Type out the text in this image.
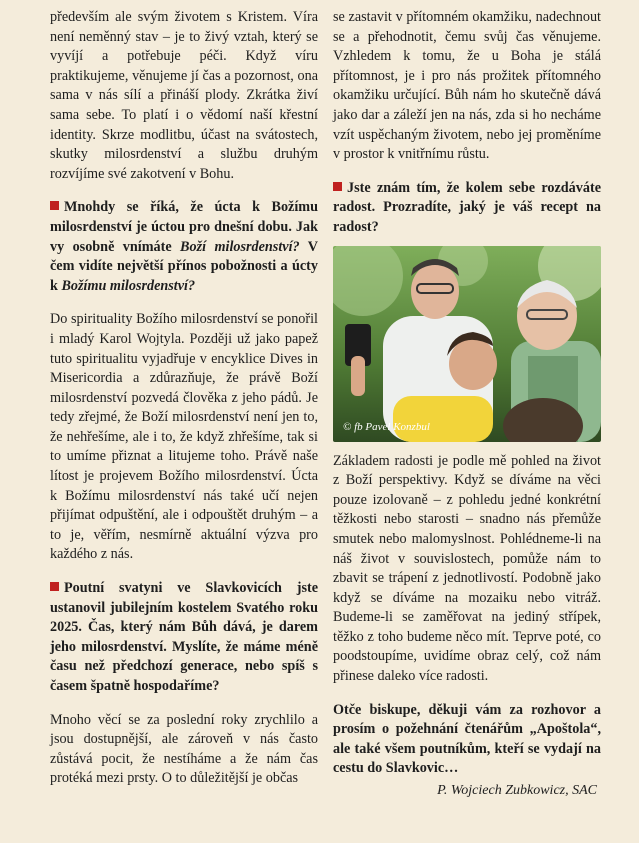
především ale svým životem s Kristem. Víra není neměnný stav – je to živý vztah, který se vyvíjí a potřebuje péči. Když víru praktikujeme, věnujeme jí čas a pozornost, ona sama v nás sílí a přináší plody. Zkrátka živí sama sebe. To platí i o vědomí naší křestní identity. Skrze modlitbu, účast na svátostech, skutky milosrdenství a službu druhým rozvíjíme své zakotvení v Bohu.

Mnohdy se říká, že úcta k Božímu milosrdenství je úctou pro dnešní dobu. Jak vy osobně vnímáte Boží milosrdenství? V čem vidíte největší přínos pobožnosti a úcty k Božímu milosrdenství?

Do spirituality Božího milosrdenství se ponořil i mladý Karol Wojtyla. Později už jako papež tuto spiritualitu vyjadřuje v encyklice Dives in Misericordia a zdůrazňuje, že právě Boží milosrdenství pozvedá člověka z jeho pádů. Je tedy zřejmé, že Boží milosrdenství není jen to, že nehřešíme, ale i to, že když zhřešíme, tak si to umíme přiznat a litujeme toho. Právě naše lítost je projevem Božího milosrdenství. Úcta k Božímu milosrdenství nás také učí nejen přijímat odpuštění, ale i odpouštět druhým – a to je, věřím, nesmírně aktuální výzva pro každého z nás.

Poutní svatyni ve Slavkovicích jste ustanovil jubilejním kostelem Svatého roku 2025. Čas, který nám Bůh dává, je darem jeho milosrdenství. Myslíte, že máme méně času než předchozí generace, nebo spíš s časem špatně hospodaříme?

Mnoho věcí se za poslední roky zrychlilo a jsou dostupnější, ale zároveň v nás často zůstává pocit, že nestíháme a že nám čas protéká mezi prsty. O to důležitější je občas

se zastavit v přítomném okamžiku, nadechnout se a přehodnotit, čemu svůj čas věnujeme. Vzhledem k tomu, že u Boha je stálá přítomnost, je i pro nás prožitek přítomného okamžiku určující. Bůh nám ho skutečně dává jako dar a záleží jen na nás, zda si ho necháme vzít uspěchaným životem, nebo jej proměníme v prostor k vnitřnímu růstu.

Jste znám tím, že kolem sebe rozdáváte radost. Prozradíte, jaký je váš recept na radost?

© fb Pavel Konzbul

Základem radosti je podle mě pohled na život z Boží perspektivy. Když se díváme na věci pouze izolovaně – z pohledu jedné konkrétní těžkosti nebo starosti – snadno nás přemůže smutek nebo malomyslnost. Pohlédneme-li na náš život v souvislostech, pomůže nám to zbavit se trápení z jednotlivostí. Podobně jako když se díváme na mozaiku nebo vitráž. Budeme-li se zaměřovat na jediný střípek, těžko z toho budeme něco mít. Teprve poté, co poodstoupíme, uvidíme obraz celý, což nám přinese daleko více radosti.

Otče biskupe, děkuji vám za rozhovor a prosím o požehnání čtenářům „Apoštola“, ale také všem poutníkům, kteří se vydají na cestu do Slavkovic…

P. Wojciech Zubkowicz, SAC
